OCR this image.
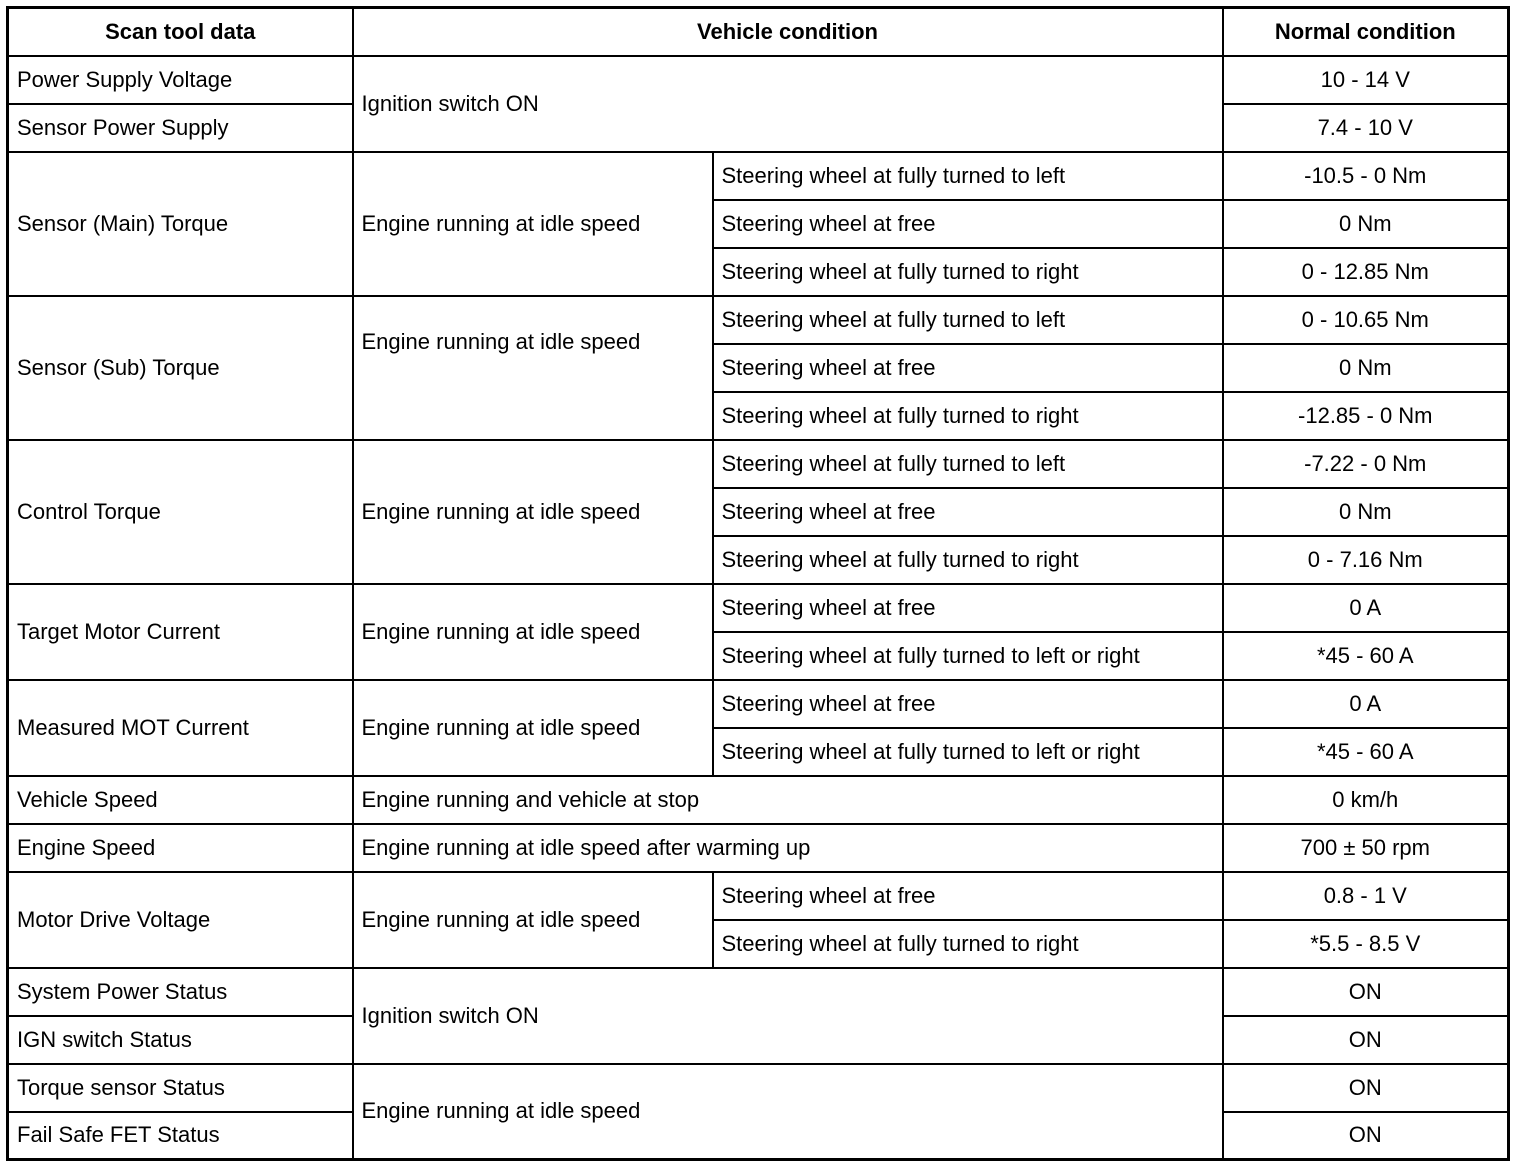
Scan tool data	Vehicle condition		Normal condition
Power Supply Voltage	Ignition switch ON		10 - 14 V
Sensor Power Supply			7.4 - 10 V
Sensor (Main) Torque	Engine running at idle speed	Steering wheel at fully turned to left	-10.5 - 0 Nm
		Steering wheel at free	0 Nm
		Steering wheel at fully turned to right	0 - 12.85 Nm
Sensor (Sub) Torque	Engine running at idle speed	Steering wheel at fully turned to left	0 - 10.65 Nm
		Steering wheel at free	0 Nm
		Steering wheel at fully turned to right	-12.85 - 0 Nm
Control Torque	Engine running at idle speed	Steering wheel at fully turned to left	-7.22 - 0 Nm
		Steering wheel at free	0 Nm
		Steering wheel at fully turned to right	0 - 7.16 Nm
Target Motor Current	Engine running at idle speed	Steering wheel at free	0 A
		Steering wheel at fully turned to left or right	*45 - 60 A
Measured MOT Current	Engine running at idle speed	Steering wheel at free	0 A
		Steering wheel at fully turned to left or right	*45 - 60 A
Vehicle Speed	Engine running and vehicle at stop		0 km/h
Engine Speed	Engine running at idle speed after warming up		700 ± 50 rpm
Motor Drive Voltage	Engine running at idle speed	Steering wheel at free	0.8 - 1 V
		Steering wheel at fully turned to right	*5.5 - 8.5 V
System Power Status	Ignition switch ON		ON
IGN switch Status			ON
Torque sensor Status	Engine running at idle speed		ON
Fail Safe FET Status			ON
